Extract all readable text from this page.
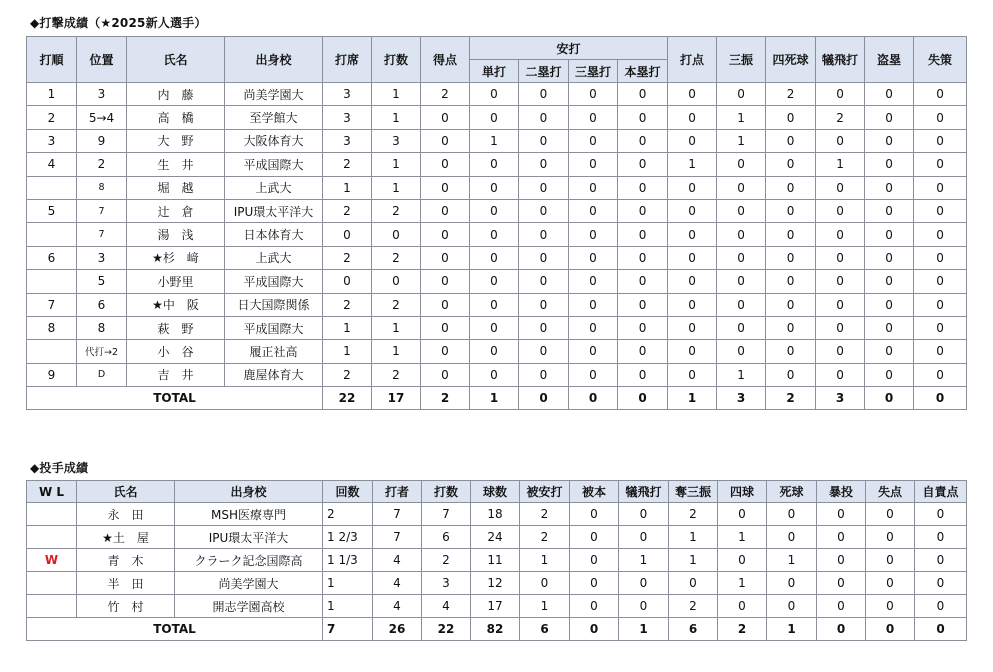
◆打撃成績（★2025新人選手）
打順	位置	氏名	出身校	打席	打数	得点	安打				打点	三振	四死球	犠飛打	盗塁	失策
							単打	二塁打	三塁打	本塁打						
1	3	内　藤	尚美学園大	3	1	2	0	0	0	0	0	0	2	0	0	0
2	5→4	高　橋	至学館大	3	1	0	0	0	0	0	0	1	0	2	0	0
3	9	大　野	大阪体育大	3	3	0	1	0	0	0	0	1	0	0	0	0
4	2	生　井	平成国際大	2	1	0	0	0	0	0	1	0	0	1	0	0
	8	堀　越	上武大	1	1	0	0	0	0	0	0	0	0	0	0	0
5	7	辻　倉	IPU環太平洋大	2	2	0	0	0	0	0	0	0	0	0	0	0
	7	湯　浅	日本体育大	0	0	0	0	0	0	0	0	0	0	0	0	0
6	3	★杉　﨑	上武大	2	2	0	0	0	0	0	0	0	0	0	0	0
	5	小野里	平成国際大	0	0	0	0	0	0	0	0	0	0	0	0	0
7	6	★中　阪	日大国際関係	2	2	0	0	0	0	0	0	0	0	0	0	0
8	8	萩　野	平成国際大	1	1	0	0	0	0	0	0	0	0	0	0	0
	代打→2	小　谷	履正社高	1	1	0	0	0	0	0	0	0	0	0	0	0
9	D	吉　井	鹿屋体育大	2	2	0	0	0	0	0	0	1	0	0	0	0
TOTAL				22	17	2	1	0	0	0	1	3	2	3	0	0
◆投手成績
W L	氏名	出身校	回数	打者	打数	球数	被安打	被本	犠飛打	奪三振	四球	死球	暴投	失点	自責点
	永　田	MSH医療専門	2	7	7	18	2	0	0	2	0	0	0	0	0
	★土　屋	IPU環太平洋大	1 2/3	7	6	24	2	0	0	1	1	0	0	0	0
W	青　木	クラーク記念国際高	1 1/3	4	2	11	1	0	1	1	0	1	0	0	0
	半　田	尚美学園大	1	4	3	12	0	0	0	0	1	0	0	0	0
	竹　村	開志学園高校	1	4	4	17	1	0	0	2	0	0	0	0	0
TOTAL			7	26	22	82	6	0	1	6	2	1	0	0	0
